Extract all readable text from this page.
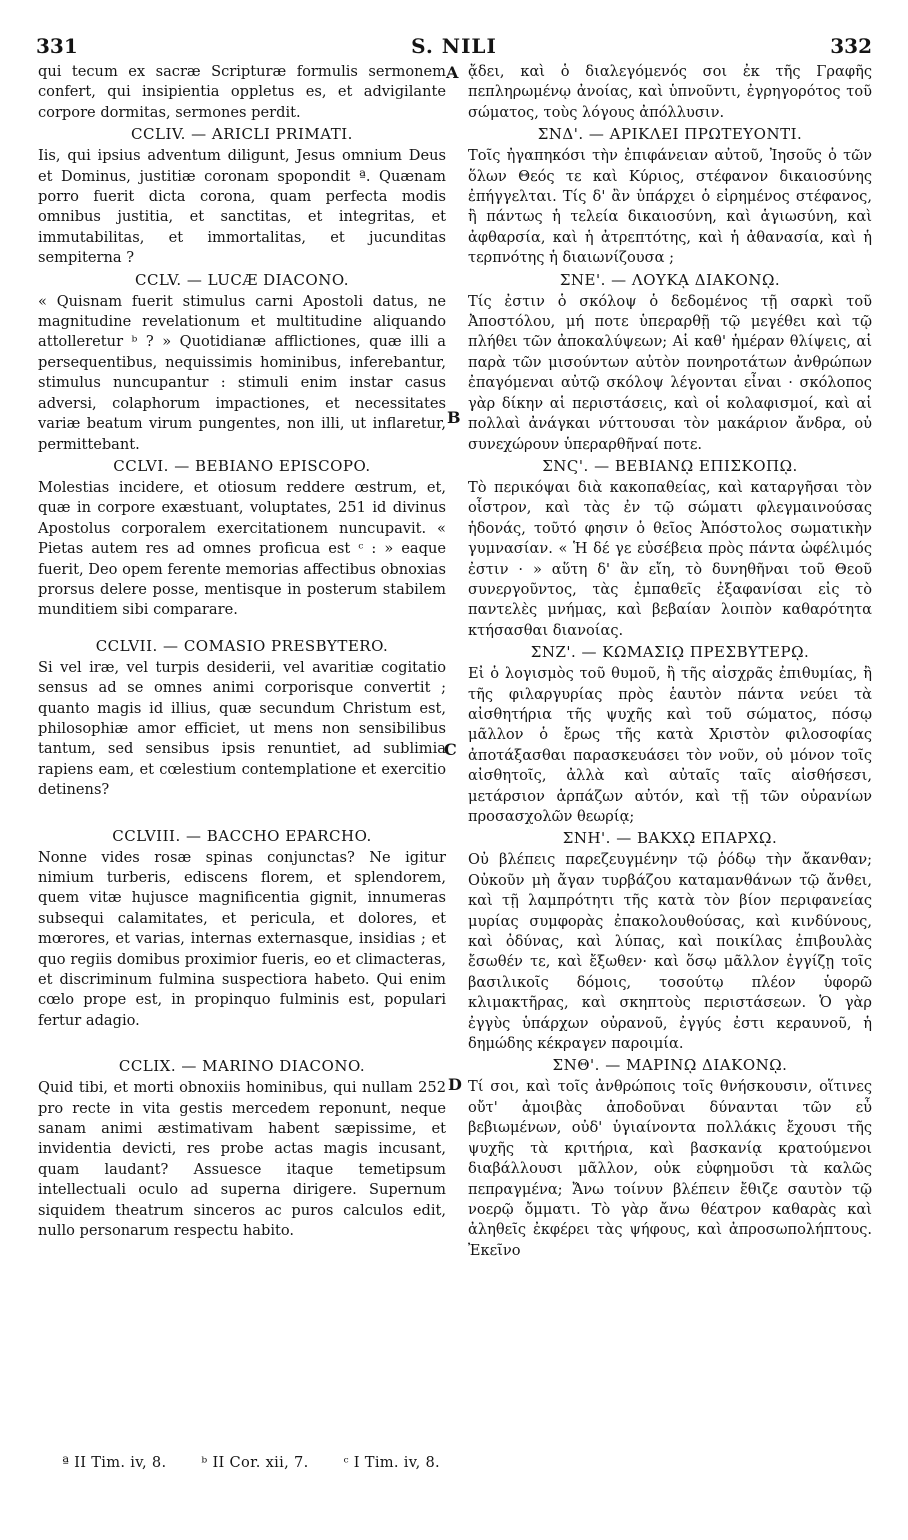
331	S. NILI	332

qui tecum ex sacræ Scripturæ formulis sermonem confert, qui insipientia oppletus es, et advigilante corpore dormitas, sermones perdit.

CCLIV. — ARICLI PRIMATI.

Iis, qui ipsius adventum diligunt, Jesus omnium Deus et Dominus, justitiæ coronam spopondit ª. Quænam porro fuerit dicta corona, quam perfecta modis omnibus justitia, et sanctitas, et integritas, et immutabilitas, et immortalitas, et jucunditas sempiterna ?

CCLV. — LUCÆ DIACONO.

« Quisnam fuerit stimulus carni Apostoli datus, ne magnitudine revelationum et multitudine aliquando attolleretur ᵇ ? » Quotidianæ afflictiones, quæ illi a persequentibus, nequissimis hominibus, inferebantur, stimulus nuncupantur : stimuli enim instar casus adversi, colaphorum impactiones, et necessitates variæ beatum virum pungentes, non illi, ut inflaretur, permittebant.

CCLVI. — BEBIANO EPISCOPO.

Molestias incidere, et otiosum reddere œstrum, et, quæ in corpore exæstuant, voluptates, 251 id divinus Apostolus corporalem exercitationem nuncupavit. « Pietas autem res ad omnes proficua est ᶜ : » eaque fuerit, Deo opem ferente memorias affectibus obnoxias prorsus delere posse, mentisque in posterum stabilem munditiem sibi comparare.

CCLVII. — COMASIO PRESBYTERO.

Si vel iræ, vel turpis desiderii, vel avaritiæ cogitatio sensus ad se omnes animi corporisque convertit ; quanto magis id illius, quæ secundum Christum est, philosophiæ amor efficiet, ut mens non sensibilibus tantum, sed sensibus ipsis renuntiet, ad sublimia rapiens eam, et cœlestium contemplatione et exercitio detinens?

CCLVIII. — BACCHO EPARCHO.

Nonne vides rosæ spinas conjunctas? Ne igitur nimium turberis, ediscens florem, et splendorem, quem vitæ hujusce magnificentia gignit, innumeras subsequi calamitates, et pericula, et dolores, et mœrores, et varias, internas externasque, insidias ; et quo regiis domibus proximior fueris, eo et climacteras, et discriminum fulmina suspectiora habeto. Qui enim cœlo prope est, in propinquo fulminis est, populari fertur adagio.

CCLIX. — MARINO DIACONO.

Quid tibi, et morti obnoxiis hominibus, qui nullam 252 pro recte in vita gestis mercedem reponunt, neque sanam animi æstimativam habent sæpissime, et invidentia devicti, res probe actas magis incusant, quam laudant? Assuesce itaque temetipsum intellectuali oculo ad superna dirigere. Supernum siquidem theatrum sinceros ac puros calculos edit, nullo personarum respectu habito.

ᾄδει, καὶ ὁ διαλεγόμενός σοι ἐκ τῆς Γραφῆς πεπληρωμένῳ ἀνοίας, καὶ ὑπνοῦντι, ἐγρηγορότος τοῦ σώματος, τοὺς λόγους ἀπόλλυσιν.

ΣΝΔ'. — ΑΡΙΚΛΕΙ ΠΡΩΤΕΥΟΝΤΙ.

Τοῖς ἠγαπηκόσι τὴν ἐπιφάνειαν αὐτοῦ, Ἰησοῦς ὁ τῶν ὅλων Θεός τε καὶ Κύριος, στέφανον δικαιοσύνης ἐπήγγελται. Τίς δ' ἂν ὑπάρχει ὁ εἰρημένος στέφανος, ἢ πάντως ἡ τελεία δικαιοσύνη, καὶ ἁγιωσύνη, καὶ ἀφθαρσία, καὶ ἡ ἀτρεπτότης, καὶ ἡ ἀθανασία, καὶ ἡ τερπνότης ἡ διαιωνίζουσα ;

ΣΝΕ'. — ΛΟΥΚᾼ ΔΙΑΚΟΝῼ.

Τίς ἐστιν ὁ σκόλοψ ὁ δεδομένος τῇ σαρκὶ τοῦ Ἀποστόλου, μή ποτε ὑπεραρθῇ τῷ μεγέθει καὶ τῷ πλήθει τῶν ἀποκαλύψεων; Αἱ καθ' ἡμέραν θλίψεις, αἱ παρὰ τῶν μισούντων αὐτὸν πονηροτάτων ἀνθρώπων ἐπαγόμεναι αὐτῷ σκόλοψ λέγονται εἶναι · σκόλοπος γὰρ δίκην αἱ περιστάσεις, καὶ οἱ κολαφισμοί, καὶ αἱ πολλαὶ ἀνάγκαι νύττουσαι τὸν μακάριον ἄνδρα, οὐ συνεχώρουν ὑπεραρθῆναί ποτε.

ΣΝϚ'. — ΒΕΒΙΑΝῼ ΕΠΙΣΚΟΠῼ.

Τὸ περικόψαι διὰ κακοπαθείας, καὶ καταργῆσαι τὸν οἶστρον, καὶ τὰς ἐν τῷ σώματι φλεγμαινούσας ἡδονάς, τοῦτό φησιν ὁ θεῖος Ἀπόστολος σωματικὴν γυμνασίαν. « Ἡ δέ γε εὐσέβεια πρὸς πάντα ὠφέλιμός ἐστιν · » αὕτη δ' ἂν εἴη, τὸ δυνηθῆναι τοῦ Θεοῦ συνεργοῦντος, τὰς ἐμπαθεῖς ἐξαφανίσαι εἰς τὸ παντελὲς μνήμας, καὶ βεβαίαν λοιπὸν καθαρότητα κτήσασθαι διανοίας.

ΣΝΖ'. — ΚΩΜΑΣΙῼ ΠΡΕΣΒΥΤΕΡῼ.

Εἰ ὁ λογισμὸς τοῦ θυμοῦ, ἢ τῆς αἰσχρᾶς ἐπιθυμίας, ἢ τῆς φιλαργυρίας πρὸς ἑαυτὸν πάντα νεύει τὰ αἰσθητήρια τῆς ψυχῆς καὶ τοῦ σώματος, πόσῳ μᾶλλον ὁ ἔρως τῆς κατὰ Χριστὸν φιλοσοφίας ἀποτάξασθαι παρασκευάσει τὸν νοῦν, οὐ μόνον τοῖς αἰσθητοῖς, ἀλλὰ καὶ αὐταῖς ταῖς αἰσθήσεσι, μετάρσιον ἁρπάζων αὐτόν, καὶ τῇ τῶν οὐρανίων προσασχολῶν θεωρίᾳ;

ΣΝΗ'. — ΒΑΚΧῼ ΕΠΑΡΧῼ.

Οὐ βλέπεις παρεζευγμένην τῷ ῥόδῳ τὴν ἄκανθαν; Οὐκοῦν μὴ ἄγαν τυρβάζου καταμανθάνων τῷ ἄνθει, καὶ τῇ λαμπρότητι τῆς κατὰ τὸν βίον περιφανείας μυρίας συμφορὰς ἐπακολουθούσας, καὶ κινδύνους, καὶ ὀδύνας, καὶ λύπας, καὶ ποικίλας ἐπιβουλὰς ἔσωθέν τε, καὶ ἔξωθεν· καὶ ὅσῳ μᾶλλον ἐγγίζῃ τοῖς βασιλικοῖς δόμοις, τοσούτῳ πλέον ὑφορῶ κλιμακτῆρας, καὶ σκηπτοὺς περιστάσεων. Ὁ γὰρ ἐγγὺς ὑπάρχων οὐρανοῦ, ἐγγύς ἐστι κεραυνοῦ, ἡ δημώδης κέκραγεν παροιμία.

ΣΝΘ'. — ΜΑΡΙΝῼ ΔΙΑΚΟΝῼ.

Τί σοι, καὶ τοῖς ἀνθρώποις τοῖς θνήσκουσιν, οἵτινες οὔτ' ἀμοιβὰς ἀποδοῦναι δύνανται τῶν εὖ βεβιωμένων, οὐδ' ὑγιαίνοντα πολλάκις ἔχουσι τῆς ψυχῆς τὰ κριτήρια, καὶ βασκανίᾳ κρατούμενοι διαβάλλουσι μᾶλλον, οὐκ εὐφημοῦσι τὰ καλῶς πεπραγμένα; Ἄνω τοίνυν βλέπειν ἔθιζε σαυτὸν τῷ νοερῷ ὄμματι. Τὸ γὰρ ἄνω θέατρον καθαρὰς καὶ ἀληθεῖς ἐκφέρει τὰς ψήφους, καὶ ἀπροσωπολήπτους. Ἐκεῖνο

A
B
C
D
ª II Tim. iv, 8. ᵇ II Cor. xii, 7. ᶜ I Tim. iv, 8.
